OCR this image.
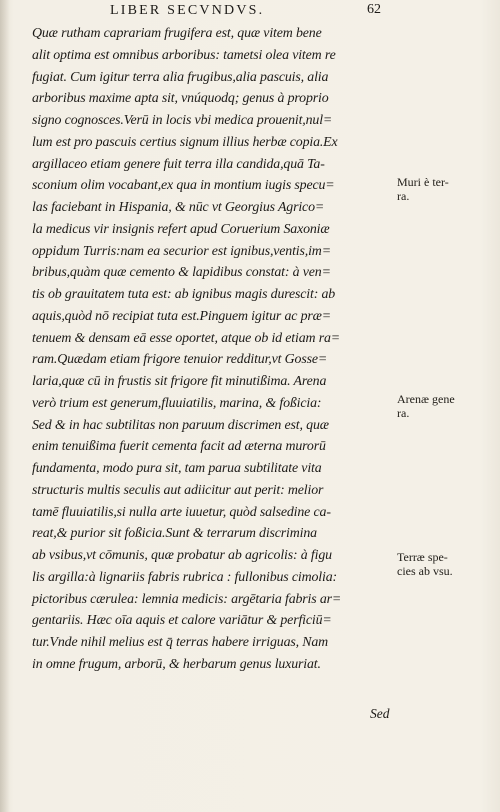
LIBER SECVNDVS.	62
Quæ rutham caprariam frugifera est, quæ vitem bene
alit optima est omnibus arboribus: tametsi olea vitem re
fugiat. Cum igitur terra alia frugibus,alia pascuis, alia
arboribus maxime apta sit, vnúquodq; genus à proprio
signo cognosces.Verū in locis vbi medica prouenit,nul=
lum est pro pascuis certius signum illius herbæ copia.Ex
argillaceo etiam genere fuit terra illa candida,quā Ta-
sconium olim vocabant,ex qua in montium iugis specu=
las faciebant in Hispania, & nūc vt Georgius Agrico=
la medicus vir insignis refert apud Coruerium Saxoniæ
oppidum Turris:nam ea securior est ignibus,ventis,im=
bribus,quàm quæ cemento & lapidibus constat: à ven=
tis ob grauitatem tuta est: ab ignibus magis durescit: ab
aquis,quòd nō recipiat tuta est.Pinguem igitur ac præ=
tenuem & densam eā esse oportet, atque ob id etiam ra=
ram.Quædam etiam frigore tenuior redditur,vt Gosse=
laria,quæ cū in frustis sit frigore fit minutißima. Arena
verò trium est generum,fluuiatilis, marina, & foßicia:
Sed & in hac subtilitas non paruum discrimen est, quæ
enim tenuißima fuerit cementa facit ad æterna murorū
fundamenta, modo pura sit, tam parua subtilitate vita
structuris multis seculis aut adiicitur aut perit: melior
tamē fluuiatilis,si nulla arte iuuetur, quòd salsedine ca-
reat,& purior sit foßicia.Sunt & terrarum discrimina
ab vsibus,vt cōmunis, quæ probatur ab agricolis: à figu
lis argilla:à lignariis fabris rubrica : fullonibus cimolia:
pictoribus cærulea: lemnia medicis: argētaria fabris ar=
gentariis. Hæc oīa aquis et calore variātur & perficiū=
tur.Vnde nihil melius est q̄ terras habere irriguas, Nam
in omne frugum, arborū, & herbarum genus luxuriat.
Sed
Muri è ter-
ra.
Arenæ gene
ra.
Terræ spe-
cies ab vsu.
